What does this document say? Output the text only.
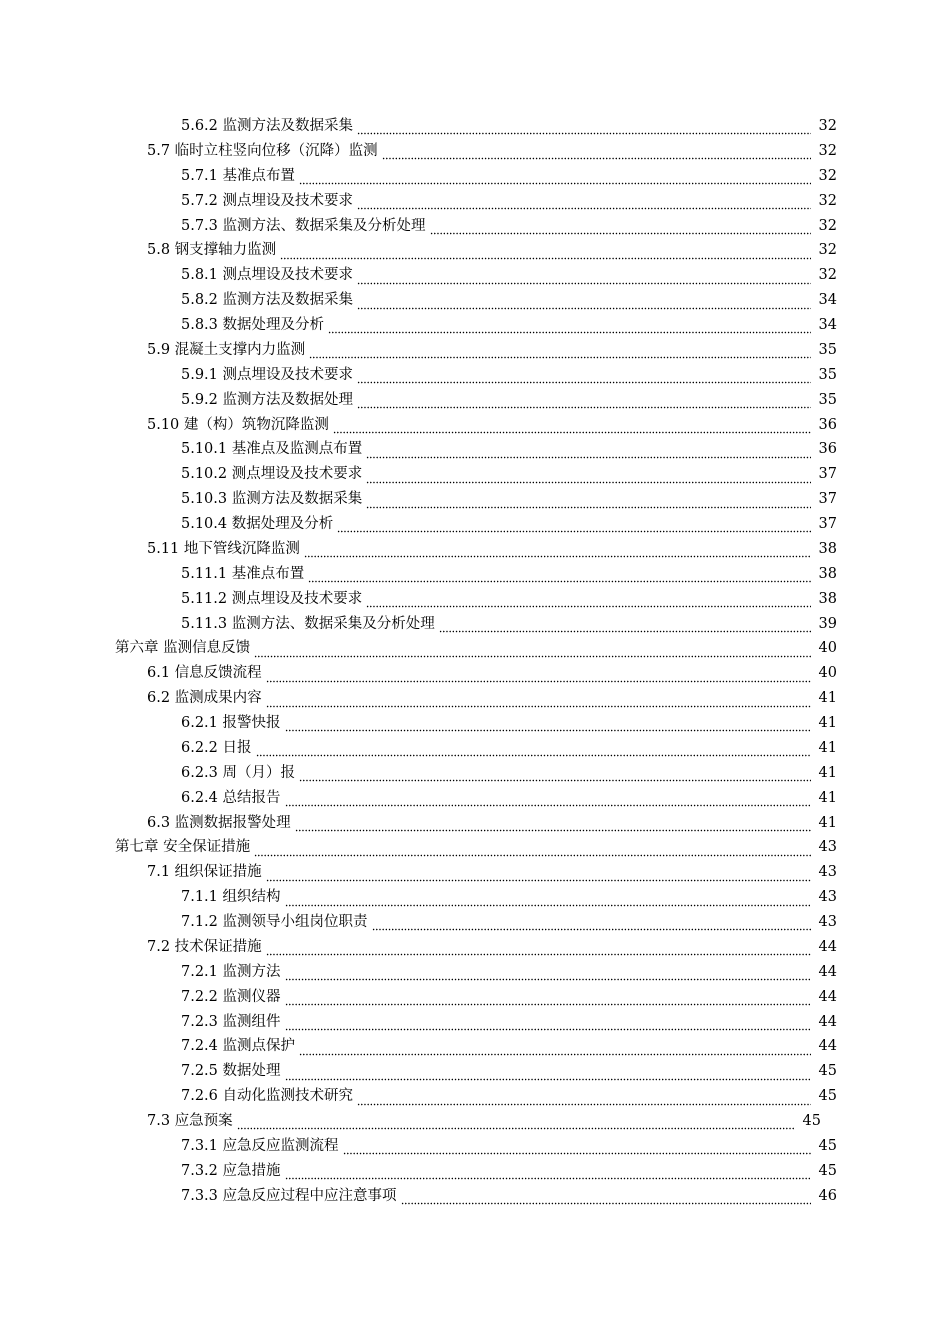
5.6.2 监测方法及数据采集	32
5.7 临时立柱竖向位移（沉降）监测	32
5.7.1 基准点布置	32
5.7.2 测点埋设及技术要求	32
5.7.3 监测方法、数据采集及分析处理	32
5.8 钢支撑轴力监测	32
5.8.1 测点埋设及技术要求	32
5.8.2 监测方法及数据采集	34
5.8.3 数据处理及分析	34
5.9 混凝土支撑内力监测	35
5.9.1 测点埋设及技术要求	35
5.9.2 监测方法及数据处理	35
5.10 建（构）筑物沉降监测	36
5.10.1 基准点及监测点布置	36
5.10.2 测点埋设及技术要求	37
5.10.3 监测方法及数据采集	37
5.10.4 数据处理及分析	37
5.11 地下管线沉降监测	38
5.11.1 基准点布置	38
5.11.2 测点埋设及技术要求	38
5.11.3 监测方法、数据采集及分析处理	39
第六章 监测信息反馈	40
6.1 信息反馈流程	40
6.2 监测成果内容	41
6.2.1 报警快报	41
6.2.2 日报	41
6.2.3 周（月）报	41
6.2.4 总结报告	41
6.3 监测数据报警处理	41
第七章 安全保证措施	43
7.1 组织保证措施	43
7.1.1 组织结构	43
7.1.2 监测领导小组岗位职责	43
7.2 技术保证措施	44
7.2.1 监测方法	44
7.2.2 监测仪器	44
7.2.3 监测组件	44
7.2.4 监测点保护	44
7.2.5 数据处理	45
7.2.6 自动化监测技术研究	45
7.3 应急预案	45
7.3.1 应急反应监测流程	45
7.3.2 应急措施	45
7.3.3 应急反应过程中应注意事项	46
